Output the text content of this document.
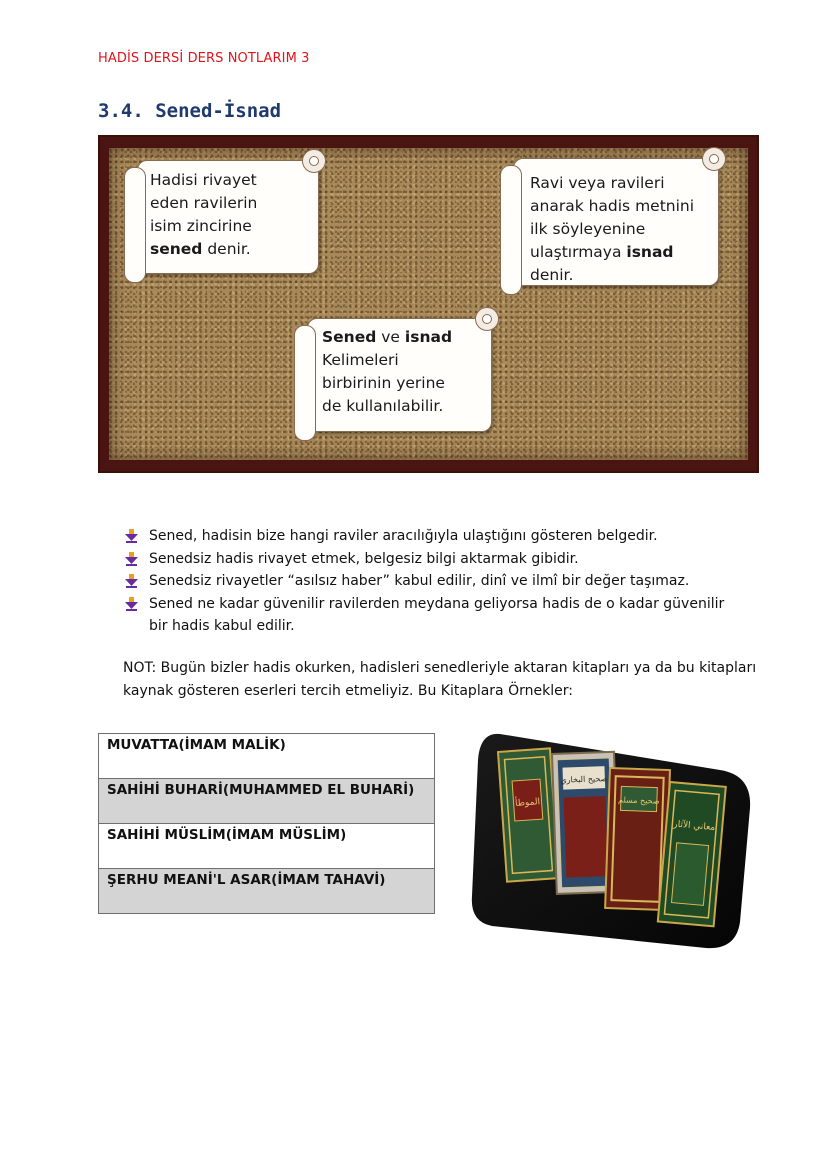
HADİS DERSİ DERS NOTLARIM 3
3.4. Sened-İsnad
Hadisi rivayet
eden ravilerin
isim zincirine
sened denir.
Ravi veya ravileri
anarak hadis metnini
ilk söyleyenine
ulaştırmaya isnad
denir.
Sened ve isnad
Kelimeleri
birbirinin yerine
de kullanılabilir.
Sened, hadisin bize hangi raviler aracılığıyla ulaştığını gösteren belgedir.
Senedsiz hadis rivayet etmek, belgesiz bilgi aktarmak gibidir.
Senedsiz rivayetler “asılsız haber” kabul edilir, dinî ve ilmî bir değer taşımaz.
Sened ne kadar güvenilir ravilerden meydana geliyorsa hadis de o kadar güvenilir bir hadis kabul edilir.
NOT: Bugün bizler hadis okurken, hadisleri senedleriyle aktaran kitapları ya da bu kitapları kaynak gösteren eserleri tercih etmeliyiz. Bu Kitaplara Örnekler:
MUVATTA(İMAM MALİK)
SAHİHİ BUHARİ(MUHAMMED EL BUHARİ)
SAHİHİ MÜSLİM(İMAM MÜSLİM)
ŞERHU MEANİ'L ASAR(İMAM TAHAVİ)
الموطأ
صحيح البخاري
صحيح مسلم
معاني الآثار
